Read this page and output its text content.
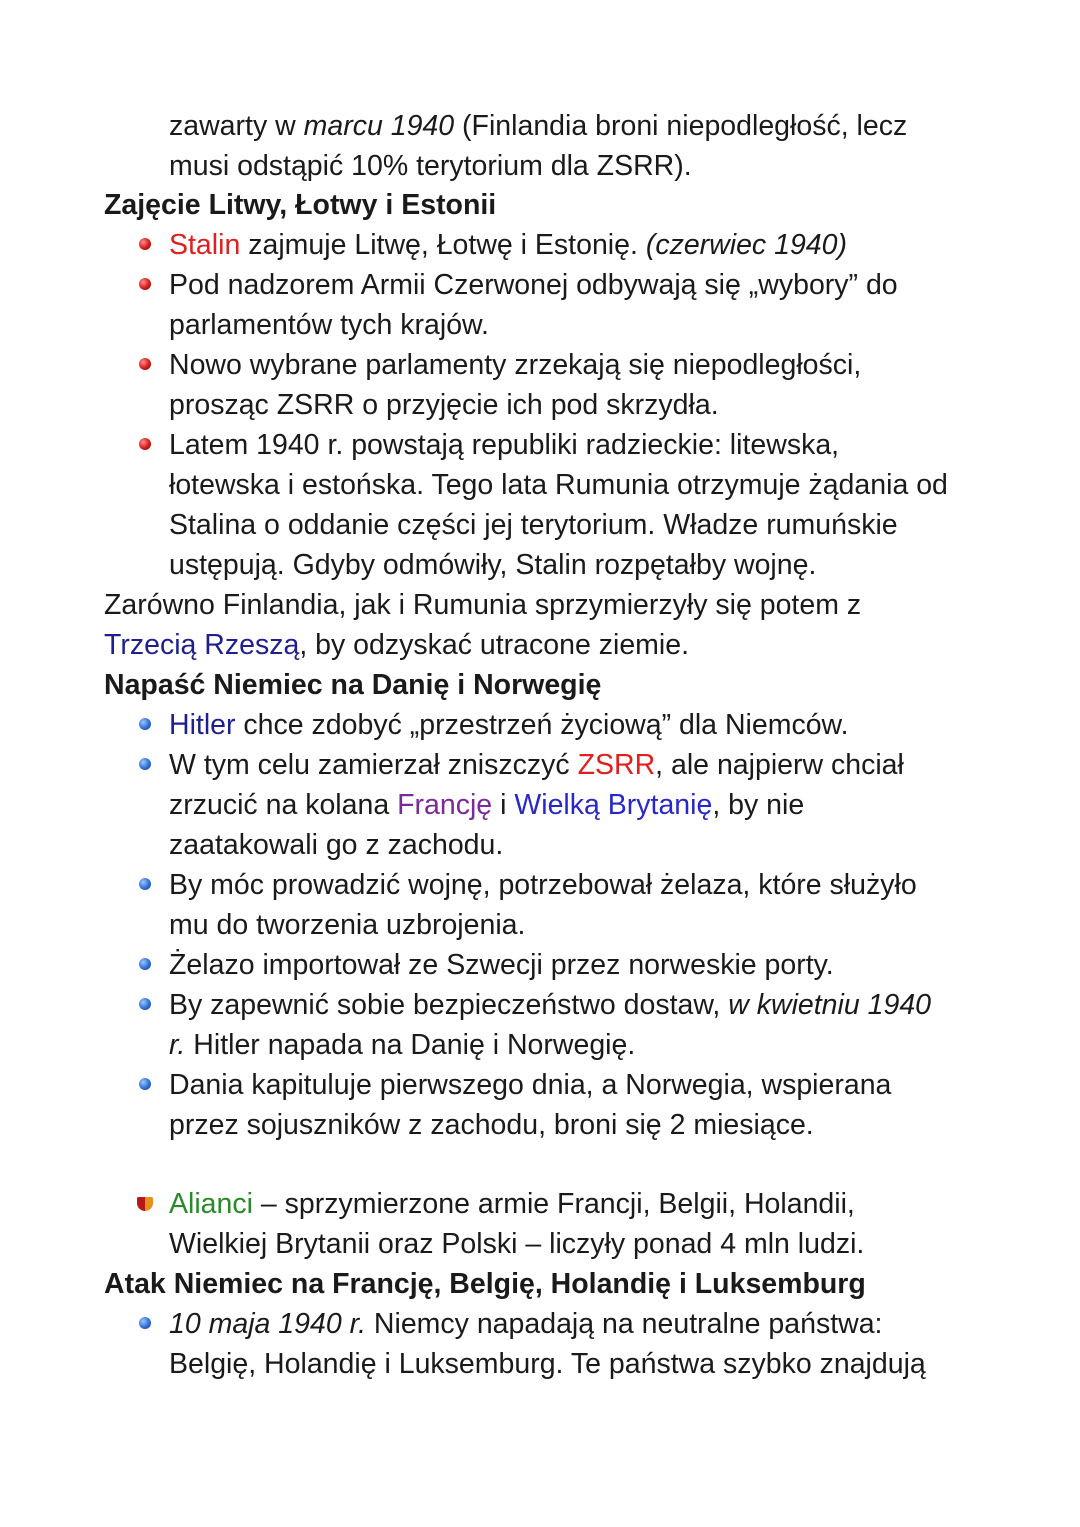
zawarty w marcu 1940 (Finlandia broni niepodległość, lecz
musi odstąpić 10% terytorium dla ZSRR).
Zajęcie Litwy, Łotwy i Estonii
Stalin zajmuje Litwę, Łotwę i Estonię. (czerwiec 1940)
Pod nadzorem Armii Czerwonej odbywają się „wybory” do
parlamentów tych krajów.
Nowo wybrane parlamenty zrzekają się niepodległości,
prosząc ZSRR o przyjęcie ich pod skrzydła.
Latem 1940 r. powstają republiki radzieckie: litewska,
łotewska i estońska. Tego lata Rumunia otrzymuje żądania od
Stalina o oddanie części jej terytorium. Władze rumuńskie
ustępują. Gdyby odmówiły, Stalin rozpętałby wojnę.
Zarówno Finlandia, jak i Rumunia sprzymierzyły się potem z
Trzecią Rzeszą, by odzyskać utracone ziemie.
Napaść Niemiec na Danię i Norwegię
Hitler chce zdobyć „przestrzeń życiową” dla Niemców.
W tym celu zamierzał zniszczyć ZSRR, ale najpierw chciał
zrzucić na kolana Francję i Wielką Brytanię, by nie
zaatakowali go z zachodu.
By móc prowadzić wojnę, potrzebował żelaza, które służyło
mu do tworzenia uzbrojenia.
Żelazo importował ze Szwecji przez norweskie porty.
By zapewnić sobie bezpieczeństwo dostaw, w kwietniu 1940
r. Hitler napada na Danię i Norwegię.
Dania kapituluje pierwszego dnia, a Norwegia, wspierana
przez sojuszników z zachodu, broni się 2 miesiące.
Alianci – sprzymierzone armie Francji, Belgii, Holandii,
Wielkiej Brytanii oraz Polski – liczyły ponad 4 mln ludzi.
Atak Niemiec na Francję, Belgię, Holandię i Luksemburg
10 maja 1940 r. Niemcy napadają na neutralne państwa:
Belgię, Holandię i Luksemburg. Te państwa szybko znajdują
